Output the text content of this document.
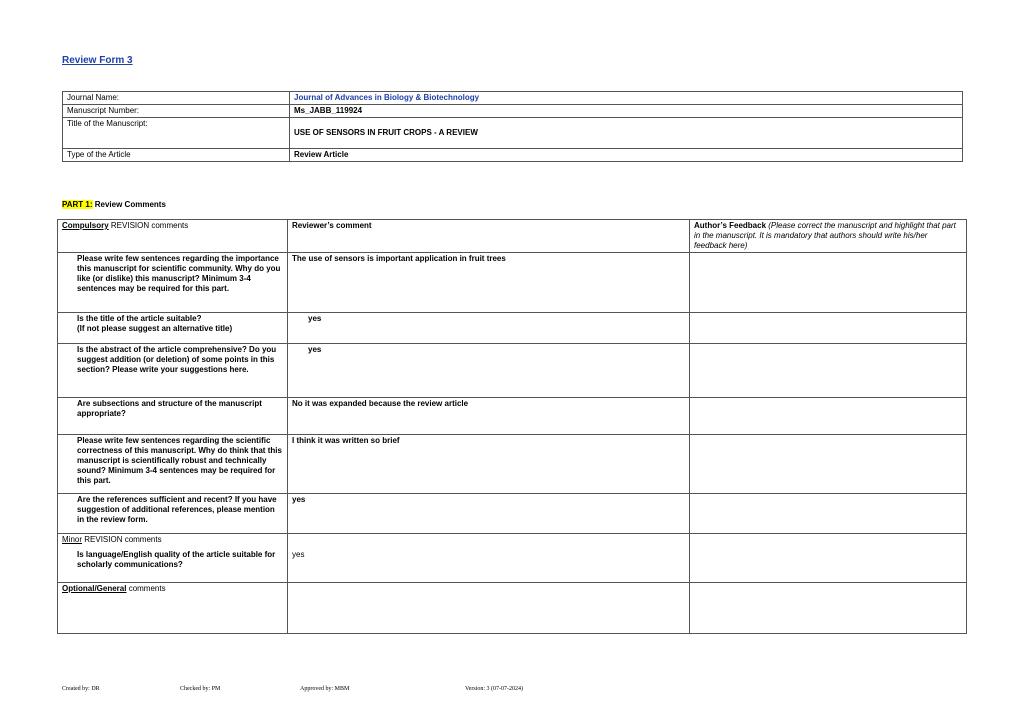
Review Form 3
Journal Name:	Journal of Advances in Biology & Biotechnology
Manuscript Number:	Ms_JABB_119924
Title of the Manuscript:	USE OF SENSORS IN FRUIT CROPS - A REVIEW
Type of the Article	Review Article
PART 1: Review Comments
Compulsory REVISION comments	Reviewer’s comment	Author’s Feedback (Please correct the manuscript and highlight that part in the manuscript. It is mandatory that authors should write his/her feedback here)

Please write few sentences regarding the importance this manuscript for scientific community. Why do you like (or dislike) this manuscript? Minimum 3-4 sentences may be required for this part.	The use of sensors is important application in fruit trees	

Is the title of the article suitable?
(If not please suggest an alternative title)	yes	

Is the abstract of the article comprehensive? Do you suggest addition (or deletion) of some points in this section? Please write your suggestions here.	yes	

Are subsections and structure of the manuscript appropriate?	No it was expanded because the review article	

Please write few sentences regarding the scientific correctness of this manuscript. Why do think that this manuscript is scientifically robust and technically sound? Minimum 3-4 sentences may be required for this part.	I think it was written so brief	

Are the references sufficient and recent? If you have suggestion of additional references, please mention in the review form.	yes	

Minor REVISION comments
Is language/English quality of the article suitable for scholarly communications?	yes	

Optional/General comments		
Created by: DR	Checked by: PM	Approved by: MBM	Version: 3 (07-07-2024)
